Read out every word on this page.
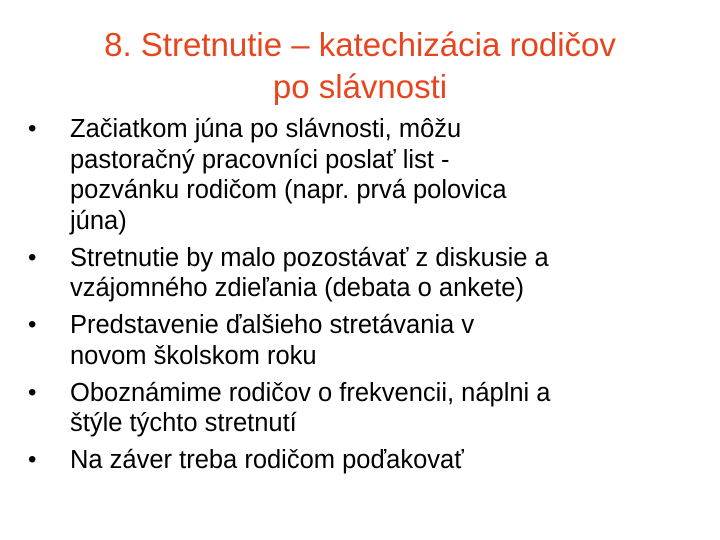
8. Stretnutie – katechizácia rodičov
po slávnosti
• Začiatkom júna po slávnosti, môžu
pastoračný pracovníci poslať list -
pozvánku rodičom (napr. prvá polovica
júna)
• Stretnutie by malo pozostávať z diskusie a
vzájomného zdieľania (debata o ankete)
• Predstavenie ďalšieho stretávania v
novom školskom roku
• Oboznámime rodičov o frekvencii, náplni a
štýle týchto stretnutí
• Na záver treba rodičom poďakovať
